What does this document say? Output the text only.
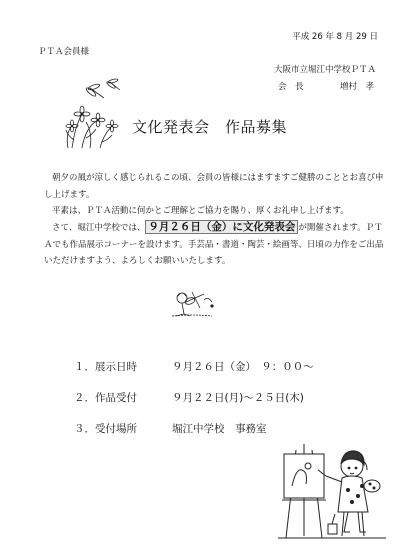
平成 26 年 8 月 29 日
ＰＴＡ会員様
大阪市立堀江中学校ＰＴＡ
会　長	増村　孝
文化発表会　作品募集
朝夕の風が涼しく感じられるこの頃、会員の皆様にはますますご健勝のこととお喜び申し上げます。
平素は、ＰＴＡ活動に何かとご理解とご協力を賜り、厚くお礼申し上げます。
さて、堀江中学校では、 ９月２６日（金）に文化発表会 が開催されます。ＰＴＡでも作品展示コーナーを設けます。手芸品・書道・陶芸・絵画等、日頃の力作をご出品いただけますよう、よろしくお願いいたします。
１．展示日時	９月２６日（金）　９：００～
２．作品受付	９月２２日(月)～２５日(木)
３．受付場所	堀江中学校　事務室
